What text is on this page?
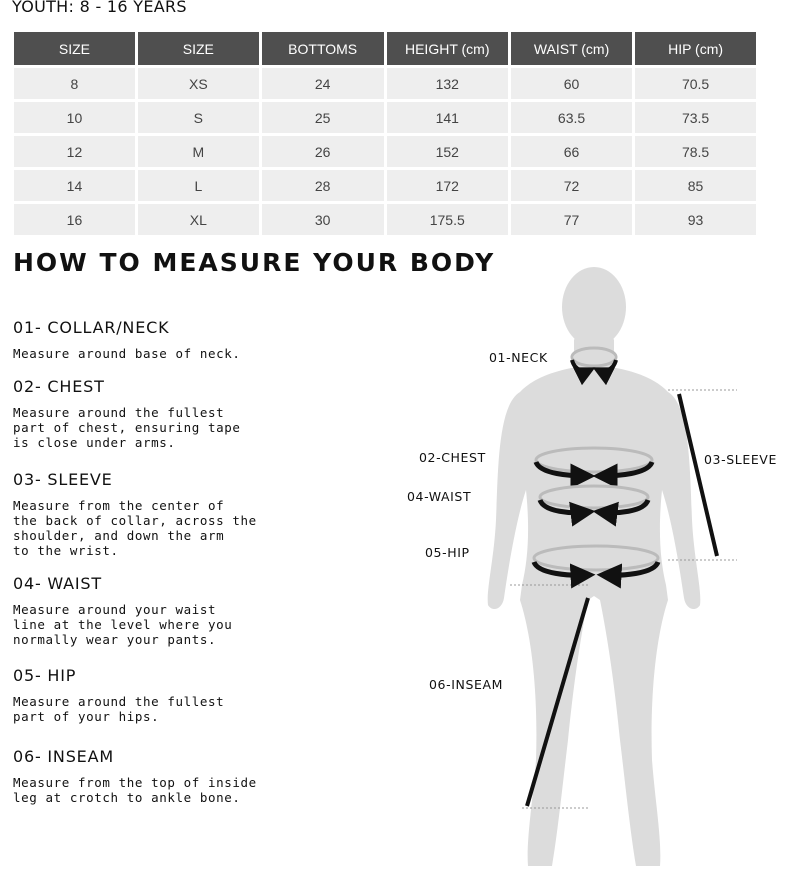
YOUTH: 8 - 16 YEARS
SIZE	SIZE	BOTTOMS	HEIGHT (cm)	WAIST (cm)	HIP (cm)
8	XS	24	132	60	70.5
10	S	25	141	63.5	73.5
12	M	26	152	66	78.5
14	L	28	172	72	85
16	XL	30	175.5	77	93
HOW TO MEASURE YOUR BODY

01- COLLAR/NECK

Measure around base of neck.

02- CHEST

Measure around the fullest
part of chest, ensuring tape
is close under arms.

03- SLEEVE

Measure from the center of
the back of collar, across the
shoulder, and down the arm
to the wrist.

04- WAIST

Measure around your waist
line at the level where you
normally wear your pants.

05- HIP

Measure around the fullest
part of your hips.

06- INSEAM

Measure from the top of inside
leg at crotch to ankle bone.

01-NECK
02-CHEST	03-SLEEVE
04-WAIST
05-HIP
06-INSEAM
